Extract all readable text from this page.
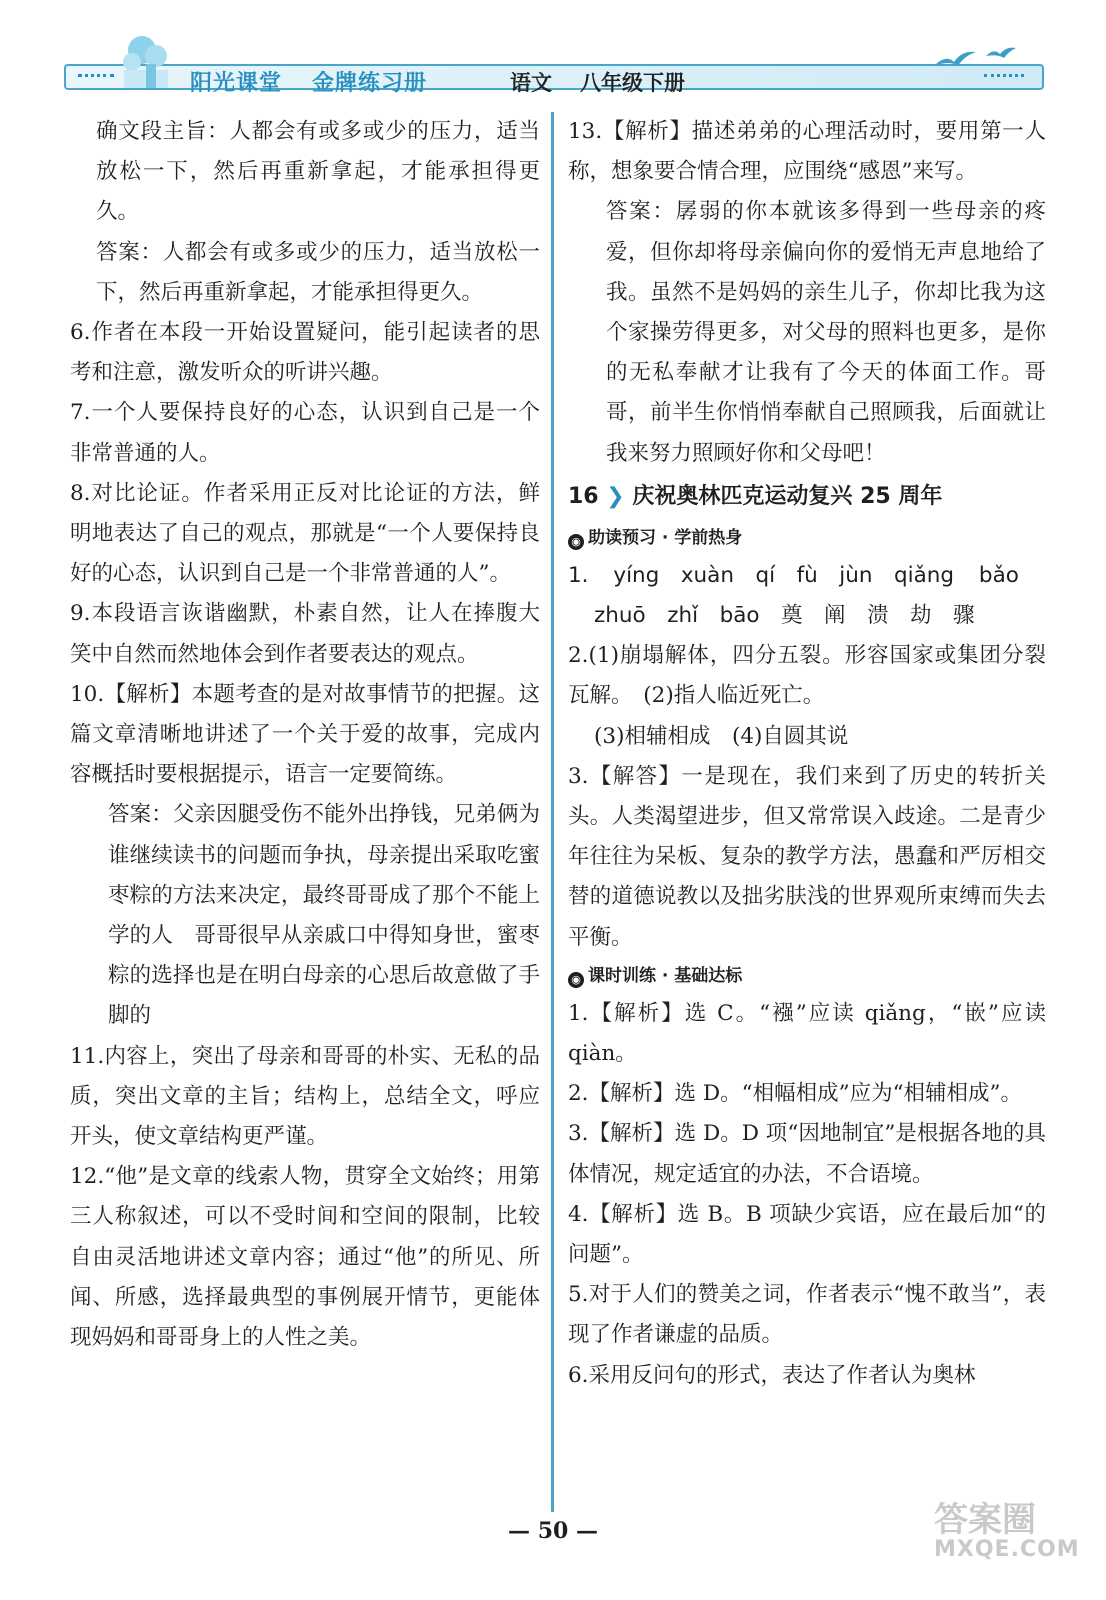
阳光课堂 金牌练习册	语文 八年级下册

确文段主旨：人都会有或多或少的压力，适当放松一下，然后再重新拿起，才能承担得更久。

答案：人都会有或多或少的压力，适当放松一下，然后再重新拿起，才能承担得更久。

6.作者在本段一开始设置疑问，能引起读者的思考和注意，激发听众的听讲兴趣。

7.一个人要保持良好的心态，认识到自己是一个非常普通的人。

8.对比论证。作者采用正反对比论证的方法，鲜明地表达了自己的观点，那就是“一个人要保持良好的心态，认识到自己是一个非常普通的人”。

9.本段语言诙谐幽默，朴素自然，让人在捧腹大笑中自然而然地体会到作者要表达的观点。

10.【解析】本题考查的是对故事情节的把握。这篇文章清晰地讲述了一个关于爱的故事，完成内容概括时要根据提示，语言一定要简练。

答案：父亲因腿受伤不能外出挣钱，兄弟俩为谁继续读书的问题而争执，母亲提出采取吃蜜枣粽的方法来决定，最终哥哥成了那个不能上学的人　哥哥很早从亲戚口中得知身世，蜜枣粽的选择也是在明白母亲的心思后故意做了手脚的

11.内容上，突出了母亲和哥哥的朴实、无私的品质，突出文章的主旨；结构上，总结全文，呼应开头，使文章结构更严谨。

12.“他”是文章的线索人物，贯穿全文始终；用第三人称叙述，可以不受时间和空间的限制，比较自由灵活地讲述文章内容；通过“他”的所见、所闻、所感，选择最典型的事例展开情节，更能体现妈妈和哥哥身上的人性之美。

13.【解析】描述弟弟的心理活动时，要用第一人称，想象要合情合理，应围绕“感恩”来写。

答案：孱弱的你本就该多得到一些母亲的疼爱，但你却将母亲偏向你的爱悄无声息地给了我。虽然不是妈妈的亲生儿子，你却比我为这个家操劳得更多，对父母的照料也更多，是你的无私奉献才让我有了今天的体面工作。哥哥，前半生你悄悄奉献自己照顾我，后面就让我来努力照顾好你和父母吧！

16 ❯ 庆祝奥林匹克运动复兴 25 周年

◉ 助读预习 · 学前热身

1. yíng　xuàn　qí　fù　jùn　qiǎng bǎo

zhuō　zhǐ　bāo　奠　阐　溃　劫　骤

2.(1)崩塌解体，四分五裂。形容国家或集团分裂瓦解。　(2)指人临近死亡。

(3)相辅相成　(4)自圆其说

3.【解答】一是现在，我们来到了历史的转折关头。人类渴望进步，但又常常误入歧途。二是青少年往往为呆板、复杂的教学方法，愚蠢和严厉相交替的道德说教以及拙劣肤浅的世界观所束缚而失去平衡。

◉ 课时训练 · 基础达标

1.【解析】选 C。“襁”应读 qiǎng，“嵌”应读 qiàn。

2.【解析】选 D。“相幅相成”应为“相辅相成”。

3.【解析】选 D。D 项“因地制宜”是根据各地的具体情况，规定适宜的办法，不合语境。

4.【解析】选 B。B 项缺少宾语，应在最后加“的问题”。

5.对于人们的赞美之词，作者表示“愧不敢当”，表现了作者谦虚的品质。

6.采用反问句的形式，表达了作者认为奥林

— 50 —	答案圈
MXQE.COM
